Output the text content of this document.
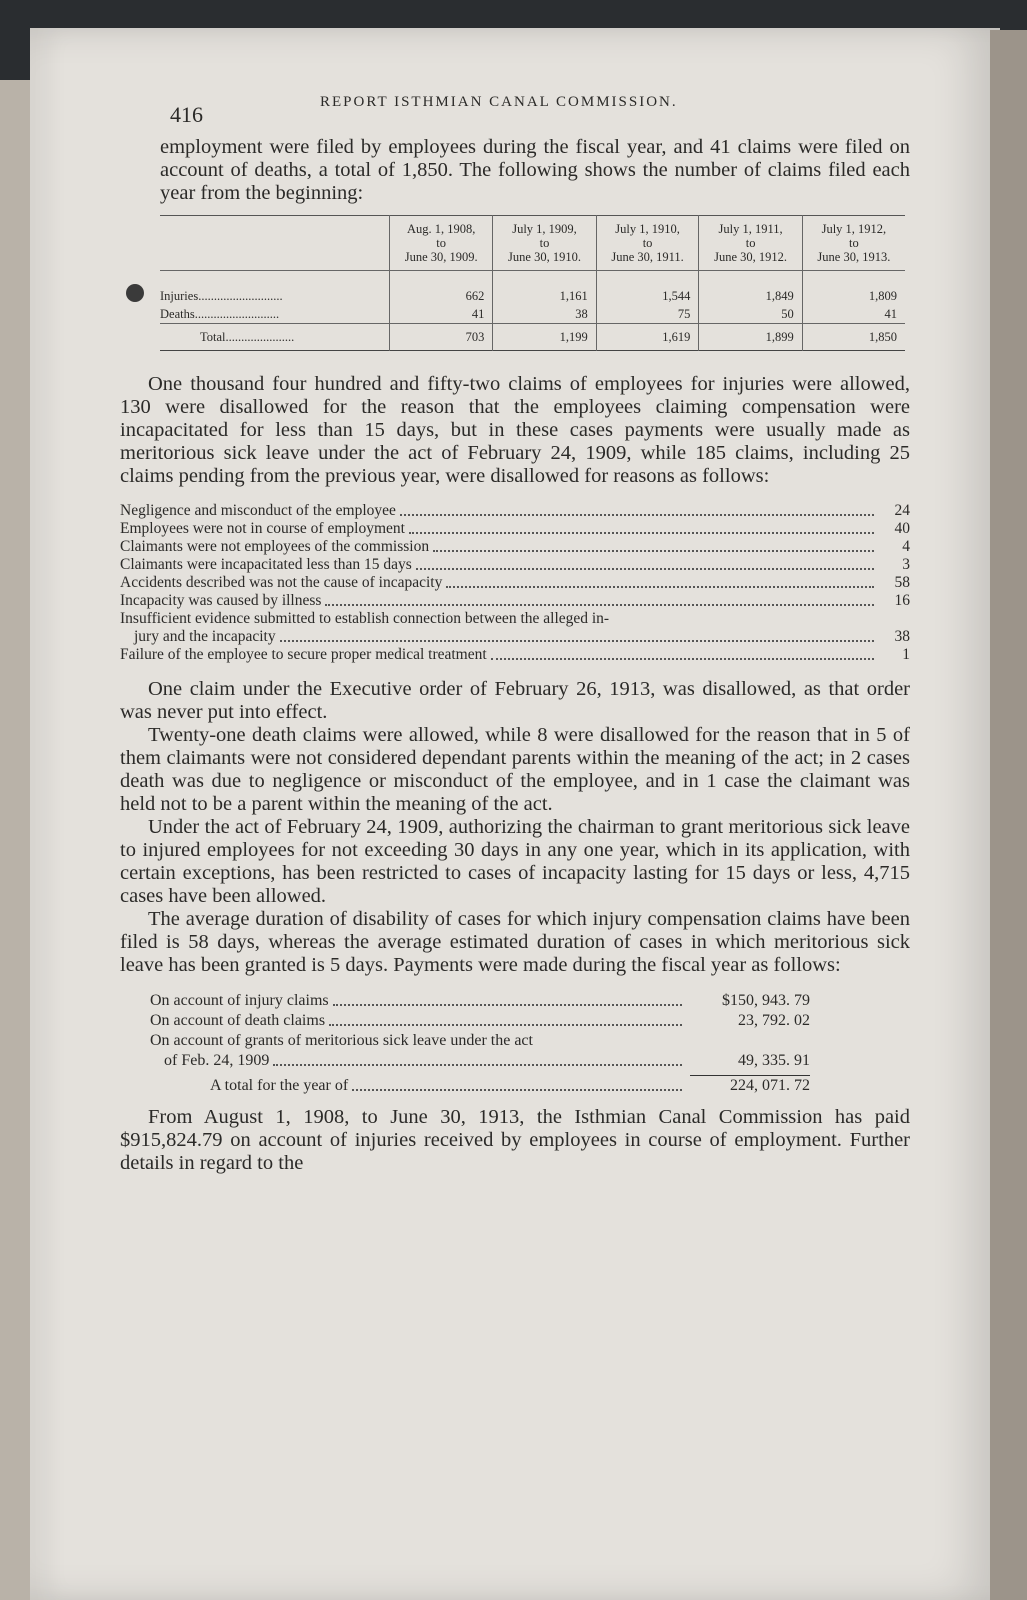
416	REPORT ISTHMIAN CANAL COMMISSION.

employment were filed by employees during the fiscal year, and 41 claims were filed on account of deaths, a total of 1,850. The following shows the number of claims filed each year from the beginning:

	Aug. 1, 1908,
to
June 30, 1909.	July 1, 1909,
to
June 30, 1910.	July 1, 1910,
to
June 30, 1911.	July 1, 1911,
to
June 30, 1912.	July 1, 1912,
to
June 30, 1913.
Injuries...........................	662	1,161	1,544	1,849	1,809
Deaths...........................	41	38	75	50	41
Total......................	703	1,199	1,619	1,899	1,850

One thousand four hundred and fifty-two claims of employees for injuries were allowed, 130 were disallowed for the reason that the employees claiming compensation were incapacitated for less than 15 days, but in these cases payments were usually made as meritorious sick leave under the act of February 24, 1909, while 185 claims, including 25 claims pending from the previous year, were disallowed for reasons as follows:

Negligence and misconduct of the employee	24
Employees were not in course of employment	40
Claimants were not employees of the commission	4
Claimants were incapacitated less than 15 days	3
Accidents described was not the cause of incapacity	58
Incapacity was caused by illness	16
Insufficient evidence submitted to establish connection between the alleged in-
jury and the incapacity	38
Failure of the employee to secure proper medical treatment	1

One claim under the Executive order of February 26, 1913, was disallowed, as that order was never put into effect.

Twenty-one death claims were allowed, while 8 were disallowed for the reason that in 5 of them claimants were not considered dependant parents within the meaning of the act; in 2 cases death was due to negligence or misconduct of the employee, and in 1 case the claimant was held not to be a parent within the meaning of the act.

Under the act of February 24, 1909, authorizing the chairman to grant meritorious sick leave to injured employees for not exceeding 30 days in any one year, which in its application, with certain exceptions, has been restricted to cases of incapacity lasting for 15 days or less, 4,715 cases have been allowed.

The average duration of disability of cases for which injury compensation claims have been filed is 58 days, whereas the average estimated duration of cases in which meritorious sick leave has been granted is 5 days. Payments were made during the fiscal year as follows:

On account of injury claims	$150, 943. 79
On account of death claims	23, 792. 02
On account of grants of meritorious sick leave under the act
of Feb. 24, 1909	49, 335. 91
A total for the year of	224, 071. 72

From August 1, 1908, to June 30, 1913, the Isthmian Canal Commission has paid $915,824.79 on account of injuries received by employees in course of employment. Further details in regard to the
